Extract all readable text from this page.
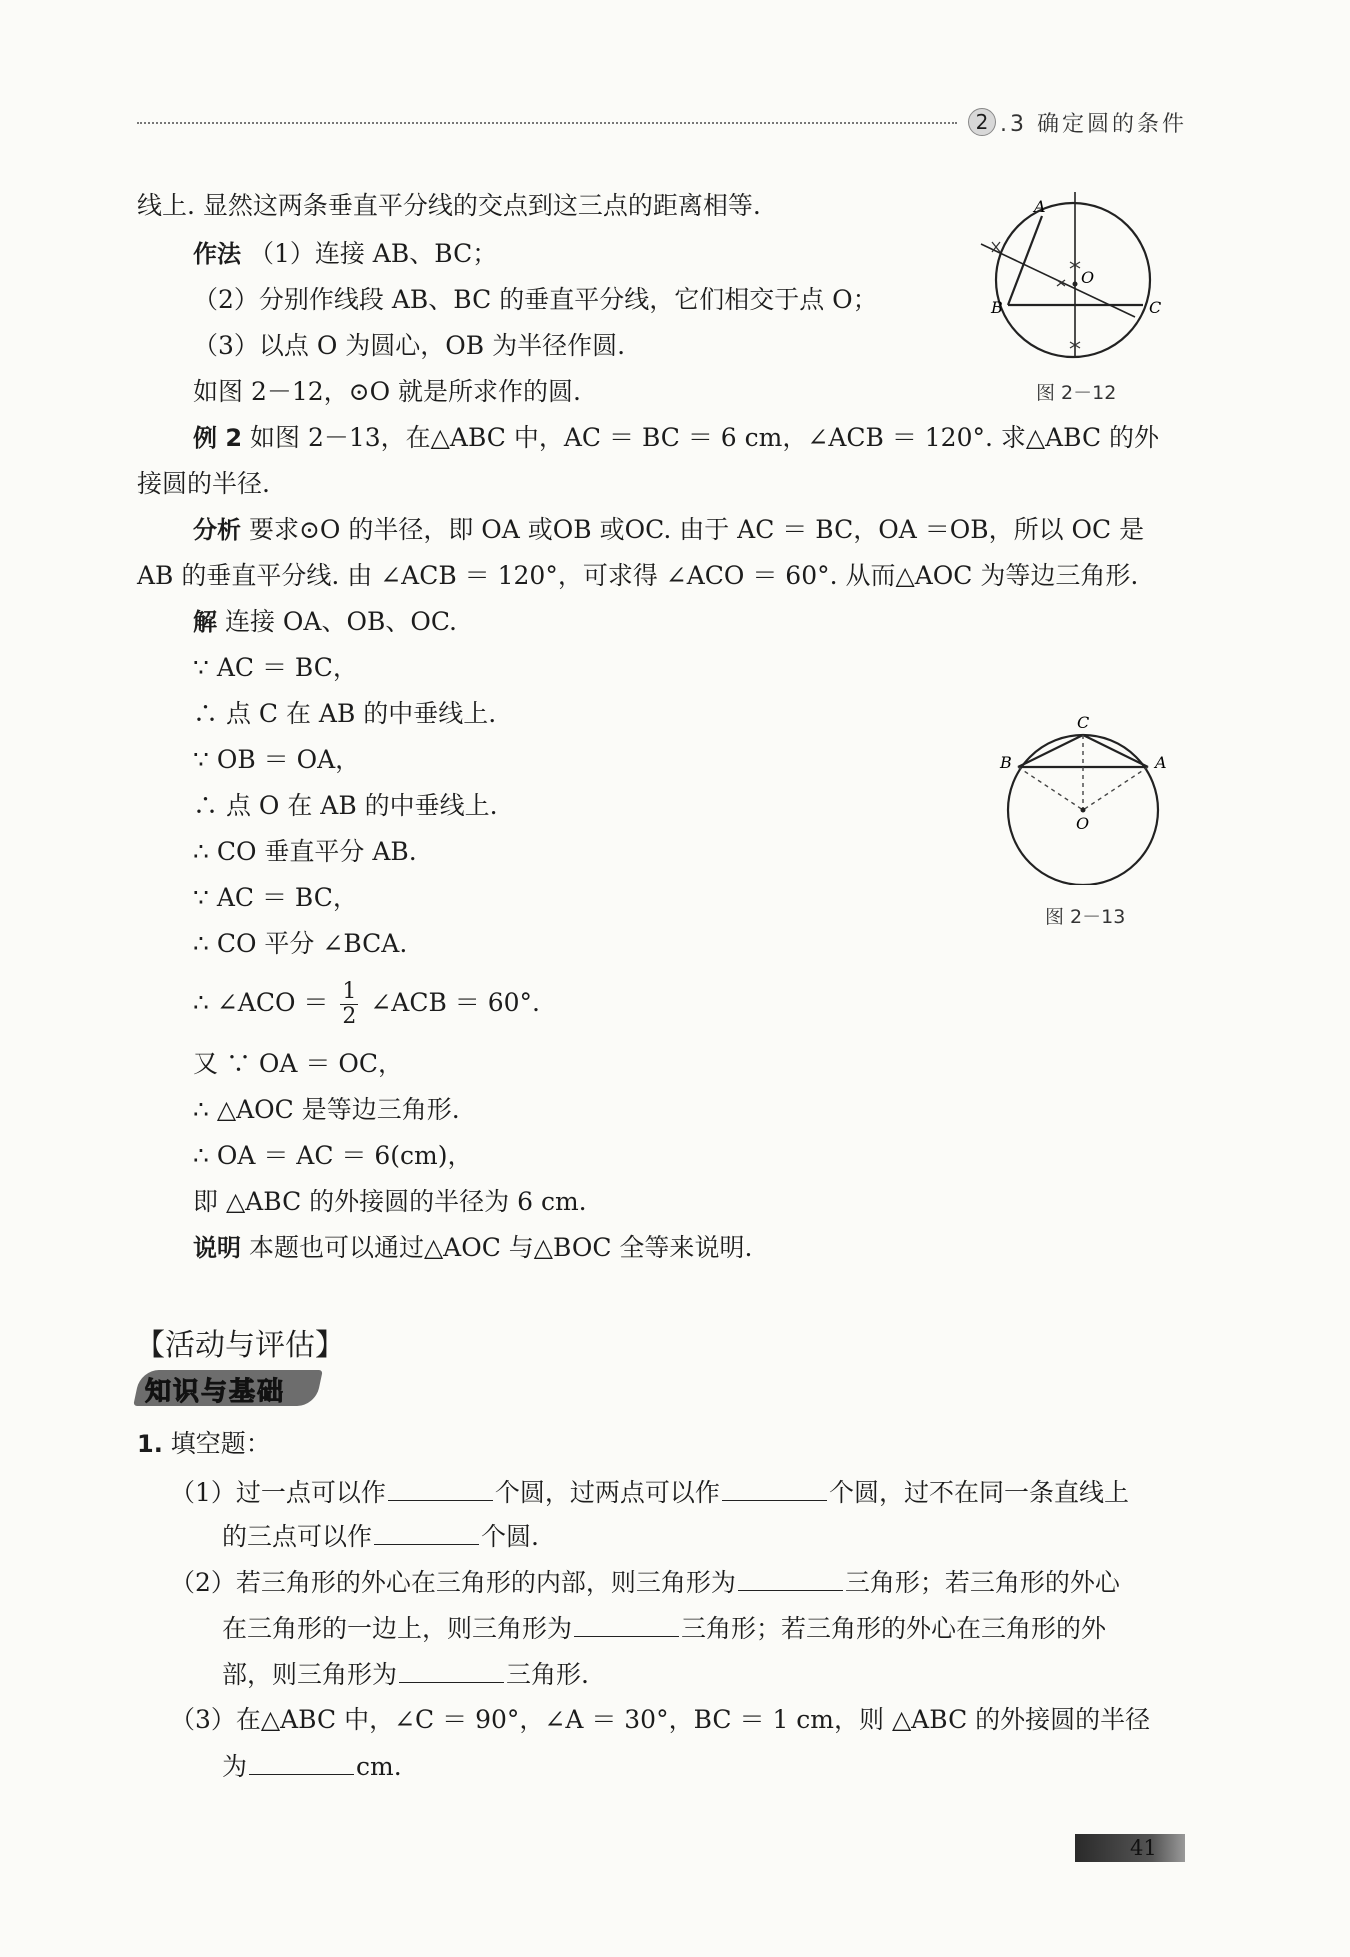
2 .3 确定圆的条件
A
B	C
O
图 2－12
C
B	A
O
图 2－13
线上. 显然这两条垂直平分线的交点到这三点的距离相等.
作法 （1）连接 AB、BC；
（2）分别作线段 AB、BC 的垂直平分线，它们相交于点 O；
（3）以点 O 为圆心，OB 为半径作圆.
如图 2－12，⊙O 就是所求作的圆.
例 2 如图 2－13，在△ABC 中，AC ＝ BC ＝ 6 cm，∠ACB ＝ 120°. 求△ABC 的外
接圆的半径.
分析 要求⊙O 的半径，即 OA 或OB 或OC. 由于 AC ＝ BC，OA ＝OB，所以 OC 是
AB 的垂直平分线. 由 ∠ACB ＝ 120°，可求得 ∠ACO ＝ 60°. 从而△AOC 为等边三角形.
解 连接 OA、OB、OC.
∵ AC ＝ BC，
∴ 点 C 在 AB 的中垂线上.
∵ OB ＝ OA，
∴ 点 O 在 AB 的中垂线上.
∴ CO 垂直平分 AB.
∵ AC ＝ BC，
∴ CO 平分 ∠BCA.
∴ ∠ACO ＝ $\frac{1}{2}$ ∠ACB ＝ 60°.
又 ∵ OA ＝ OC，
∴ △AOC 是等边三角形.
∴ OA ＝ AC ＝ 6(cm)，
即 △ABC 的外接圆的半径为 6 cm.
说明 本题也可以通过△AOC 与△BOC 全等来说明.
【活动与评估】
知识与基础
1. 填空题：
（1）过一点可以作	个圆，过两点可以作	个圆，过不在同一条直线上
的三点可以作	个圆.
（2）若三角形的外心在三角形的内部，则三角形为	三角形；若三角形的外心
在三角形的一边上，则三角形为	三角形；若三角形的外心在三角形的外
部，则三角形为	三角形.
（3）在△ABC 中，∠C ＝ 90°，∠A ＝ 30°，BC ＝ 1 cm，则 △ABC 的外接圆的半径
为	cm.
41
